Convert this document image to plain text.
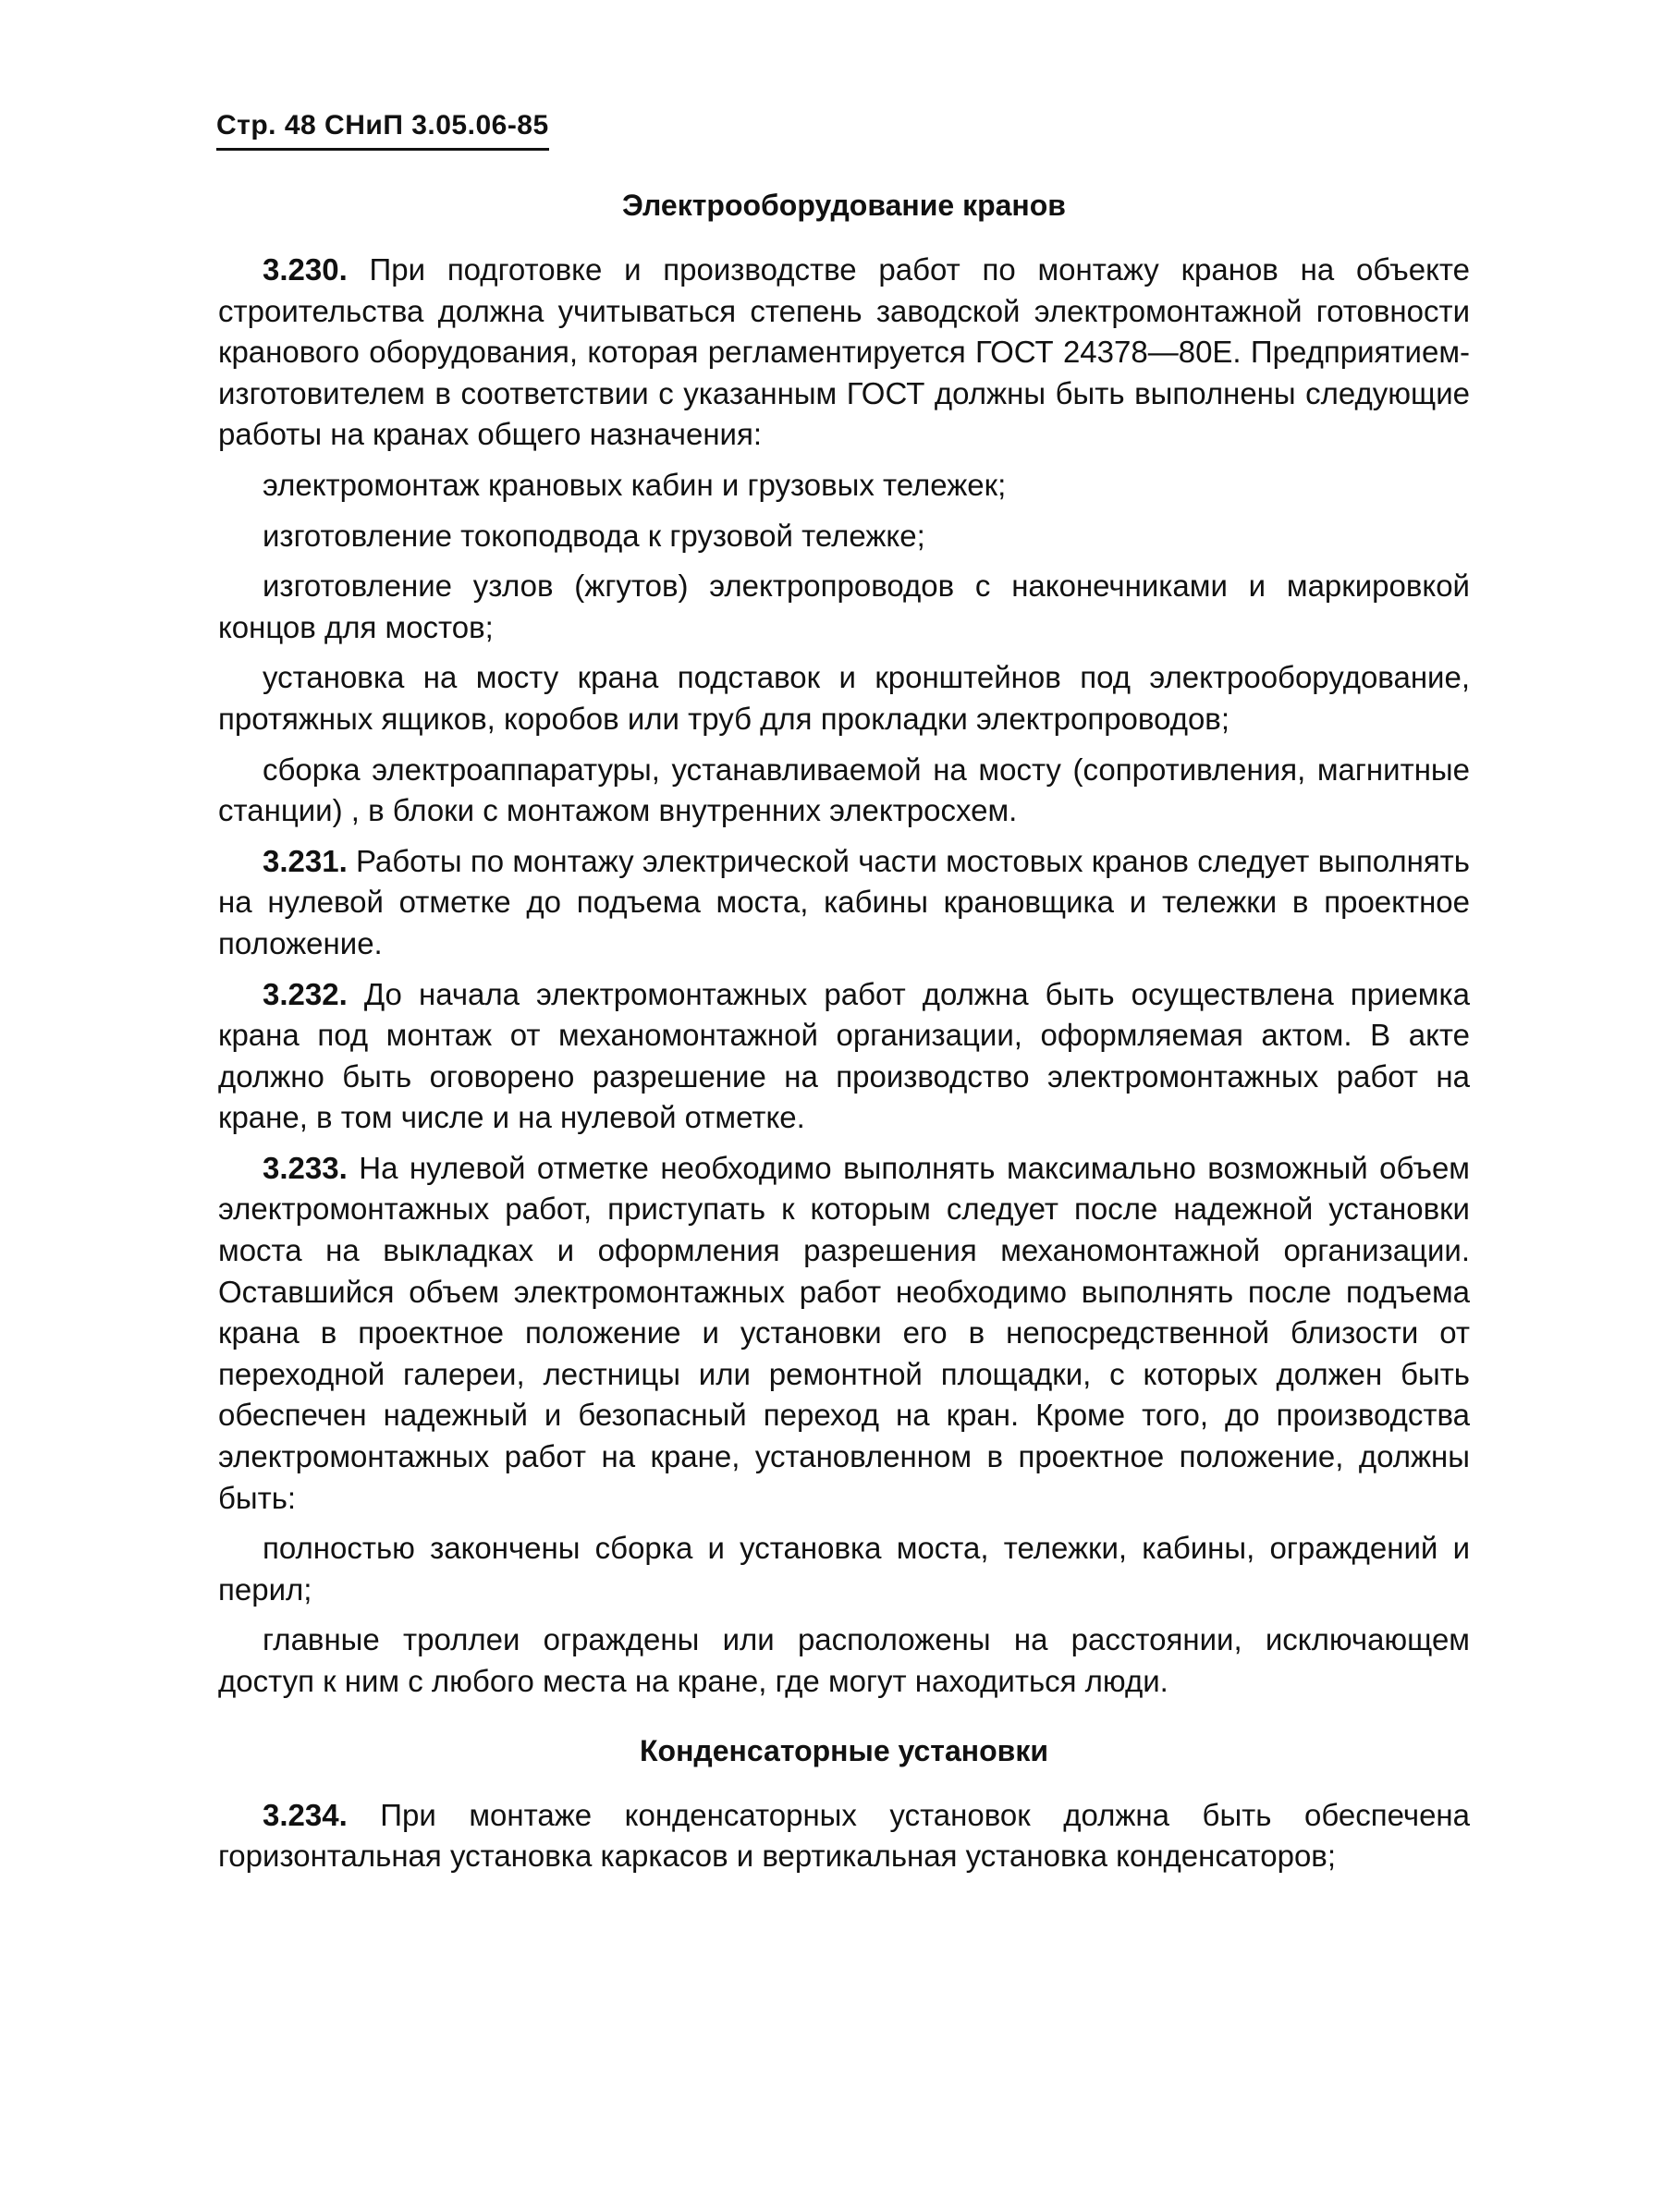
Стр. 48 СНиП 3.05.06-85
Электрооборудование кранов

3.230. При подготовке и производстве работ по монтажу кранов на объекте строительства должна учитываться степень заводской электромонтажной готовности кранового оборудования, которая регламентируется ГОСТ 24378—80Е. Предприятием-изготовителем в соответствии с указанным ГОСТ должны быть выполнены следующие работы на кранах общего назначения:

электромонтаж крановых кабин и грузовых тележек;

изготовление токоподвода к грузовой тележке;

изготовление узлов (жгутов) электропроводов с наконечниками и маркировкой концов для мостов;

установка на мосту крана подставок и кронштейнов под электрооборудование, протяжных ящиков, коробов или труб для прокладки электропроводов;

сборка электроаппаратуры, устанавливаемой на мосту (сопротивления, магнитные станции) , в блоки с монтажом внутренних электросхем.

3.231. Работы по монтажу электрической части мостовых кранов следует выполнять на нулевой отметке до подъема моста, кабины крановщика и тележки в проектное положение.

3.232. До начала электромонтажных работ должна быть осуществлена приемка крана под монтаж от механомонтажной организации, оформляемая актом. В акте должно быть оговорено разрешение на производство электромонтажных работ на кране, в том числе и на нулевой отметке.

3.233. На нулевой отметке необходимо выполнять максимально возможный объем электромонтажных работ, приступать к которым следует после надежной установки моста на выкладках и оформления разрешения механомонтажной организации. Оставшийся объем электромонтажных работ необходимо выполнять после подъема крана в проектное положение и установки его в непосредственной близости от переходной галереи, лестницы или ремонтной площадки, с которых должен быть обеспечен надежный и безопасный переход на кран. Кроме того, до производства электромонтажных работ на кране, установленном в проектное положение, должны быть:

полностью закончены сборка и установка моста, тележки, кабины, ограждений и перил;

главные троллеи ограждены или расположены на расстоянии, исключающем доступ к ним с любого места на кране, где могут находиться люди.

Конденсаторные установки

3.234. При монтаже конденсаторных установок должна быть обеспечена горизонтальная установка каркасов и вертикальная установка конденсаторов;
